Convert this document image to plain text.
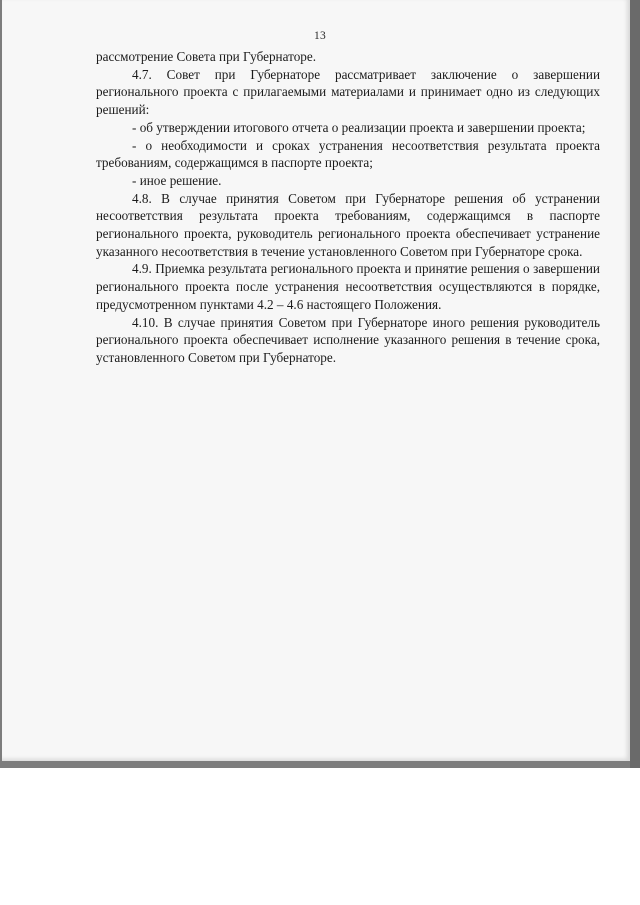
13

рассмотрение Совета при Губернаторе.

4.7. Совет при Губернаторе рассматривает заключение о завершении регионального проекта с прилагаемыми материалами и принимает одно из следующих решений:

- об утверждении итогового отчета о реализации проекта и завершении проекта;

- о необходимости и сроках устранения несоответствия результата проекта требованиям, содержащимся в паспорте проекта;

- иное решение.

4.8. В случае принятия Советом при Губернаторе решения об устранении несоответствия результата проекта требованиям, содержащимся в паспорте регионального проекта, руководитель регионального проекта обеспечивает устранение указанного несоответствия в течение установленного Советом при Губернаторе срока.

4.9. Приемка результата регионального проекта и принятие решения о завершении регионального проекта после устранения несоответствия осуществляются в порядке, предусмотренном пунктами 4.2 – 4.6 настоящего Положения.

4.10. В случае принятия Советом при Губернаторе иного решения руководитель регионального проекта обеспечивает исполнение указанного решения в течение срока, установленного Советом при Губернаторе.
